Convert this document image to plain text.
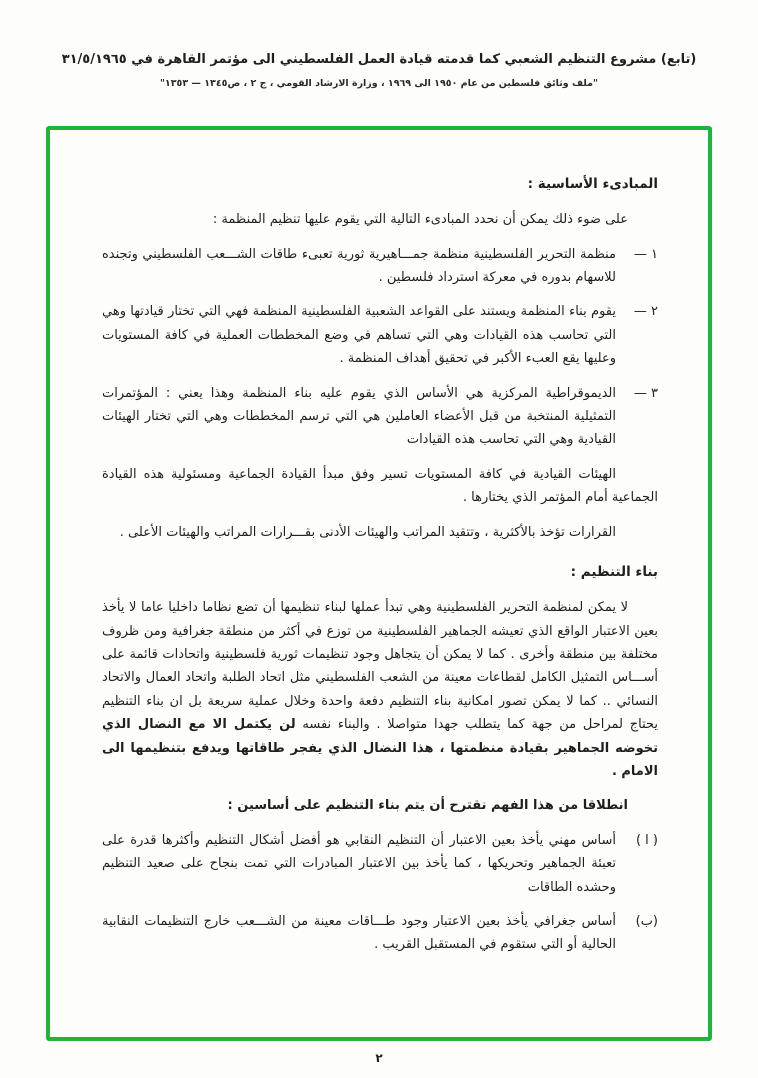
(تابع) مشروع التنظيم الشعبي كما قدمته قيادة العمل الفلسطيني الى مؤتمر القاهرة في ٣١/٥/١٩٦٥
"ملف وثائق فلسطين من عام ١٩٥٠ الى ١٩٦٩ ، وزارة الارشاد القومي ، ج ٢ ، ص١٣٤٥ — ١٣٥٣"
المبادىء الأساسية :

على ضوء ذلك يمكن أن نحدد المبادىء التالية التي يقوم عليها تنظيم المنظمة :

١ —
منظمة التحرير الفلسطينية منظمة جمـــاهيرية ثورية تعبىء طاقات الشـــعب الفلسطيني وتجنده للاسهام بدوره في معركة استرداد فلسطين .
٢ —
يقوم بناء المنظمة ويستند على القواعد الشعبية الفلسطينية المنظمة فهي التي تختار قيادتها وهي التي تحاسب هذه القيادات وهي التي تساهم في وضع المخططات العملية في كافة المستويات وعليها يقع العبء الأكبر في تحقيق أهداف المنظمة .
٣ —
الديموقراطية المركزية هي الأساس الذي يقوم عليه بناء المنظمة وهذا يعني : المؤتمرات التمثيلية المنتخبة من قبل الأعضاء العاملين هي التي ترسم المخططات وهي التي تختار الهيئات القيادية وهي التي تحاسب هذه القيادات

الهيئات القيادية في كافة المستويات تسير وفق مبدأ القيادة الجماعية ومسئولية هذه القيادة الجماعية أمام المؤتمر الذي يختارها .

القرارات تؤخذ بالأكثرية ، وتتقيد المراتب والهيئات الأدنى بقـــرارات المراتب والهيئات الأعلى .

بناء التنظيم :

لا يمكن لمنظمة التحرير الفلسطينية وهي تبدأ عملها لبناء تنظيمها أن تضع نظاما داخليا عاما لا يأخذ بعين الاعتبار الواقع الذي تعيشه الجماهير الفلسطينية من توزع في أكثر من منطقة جغرافية ومن ظروف مختلفة بين منطقة وأخرى . كما لا يمكن أن يتجاهل وجود تنظيمات ثورية فلسطينية واتحادات قائمة على أســـاس التمثيل الكامل لقطاعات معينة من الشعب الفلسطيني مثل اتحاد الطلبة واتحاد العمال والاتحاد النسائي .. كما لا يمكن تصور امكانية بناء التنظيم دفعة واحدة وخلال عملية سريعة بل ان بناء التنظيم يحتاج لمراحل من جهة كما يتطلب جهدا متواصلا . والبناء نفسه لن يكتمل الا مع النضال الذي تخوضه الجماهير بقيادة منظمتها ، هذا النضال الذي يفجر طاقاتها ويدفع بتنظيمها الى الامام .

انطلاقا من هذا الفهم نقترح أن يتم بناء التنظيم على أساسين :

( ا )
أساس مهني يأخذ بعين الاعتبار أن التنظيم النقابي هو أفضل أشكال التنظيم وأكثرها قدرة على تعبئة الجماهير وتحريكها ، كما يأخذ بين الاعتبار المبادرات التي تمت بنجاح على صعيد التنظيم وحشده الطاقات
(ب)
أساس جغرافي يأخذ بعين الاعتبار وجود طـــاقات معينة من الشـــعب خارج التنظيمات النقابية الحالية أو التي ستقوم في المستقبل القريب .
٢
